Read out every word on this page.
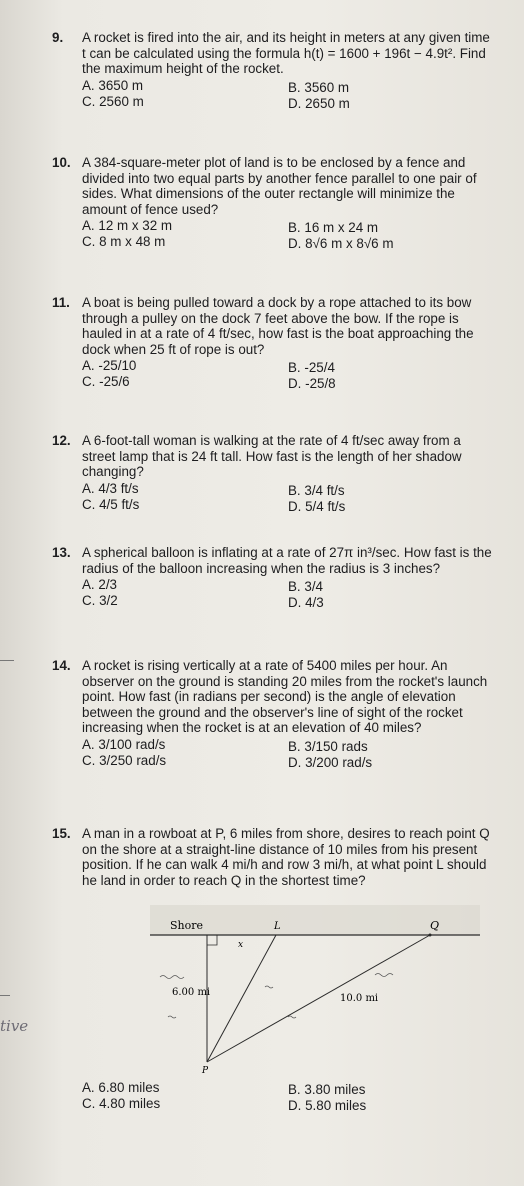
9. A rocket is fired into the air, and its height in meters at any given time t can be calculated using the formula h(t) = 1600 + 196t − 4.9t². Find the maximum height of the rocket.

A. 3650 m	B. 3560 m
C. 2560 m	D. 2650 m
10. A 384-square-meter plot of land is to be enclosed by a fence and divided into two equal parts by another fence parallel to one pair of sides. What dimensions of the outer rectangle will minimize the amount of fence used?

A. 12 m x 32 m	B. 16 m x 24 m
C. 8 m x 48 m	D. 8√6 m x 8√6 m
11. A boat is being pulled toward a dock by a rope attached to its bow through a pulley on the dock 7 feet above the bow. If the rope is hauled in at a rate of 4 ft/sec, how fast is the boat approaching the dock when 25 ft of rope is out?

A. -25/10	B. -25/4
C. -25/6	D. -25/8
12. A 6-foot-tall woman is walking at the rate of 4 ft/sec away from a street lamp that is 24 ft tall. How fast is the length of her shadow changing?

A. 4/3 ft/s	B. 3/4 ft/s
C. 4/5 ft/s	D. 5/4 ft/s
13. A spherical balloon is inflating at a rate of 27π in³/sec. How fast is the radius of the balloon increasing when the radius is 3 inches?

A. 2/3	B. 3/4
C. 3/2	D. 4/3
14. A rocket is rising vertically at a rate of 5400 miles per hour. An observer on the ground is standing 20 miles from the rocket's launch point. How fast (in radians per second) is the angle of elevation between the ground and the observer's line of sight of the rocket increasing when the rocket is at an elevation of 40 miles?

A. 3/100 rad/s	B. 3/150 rads
C. 3/250 rad/s	D. 3/200 rad/s
15. A man in a rowboat at P, 6 miles from shore, desires to reach point Q on the shore at a straight-line distance of 10 miles from his present position. If he can walk 4 mi/h and row 3 mi/h, at what point L should he land in order to reach Q in the shortest time?

Shore	L	Q
x
6.00 mi
10.0 mi
P
A. 6.80 miles	B. 3.80 miles
C. 4.80 miles	D. 5.80 miles
tive
